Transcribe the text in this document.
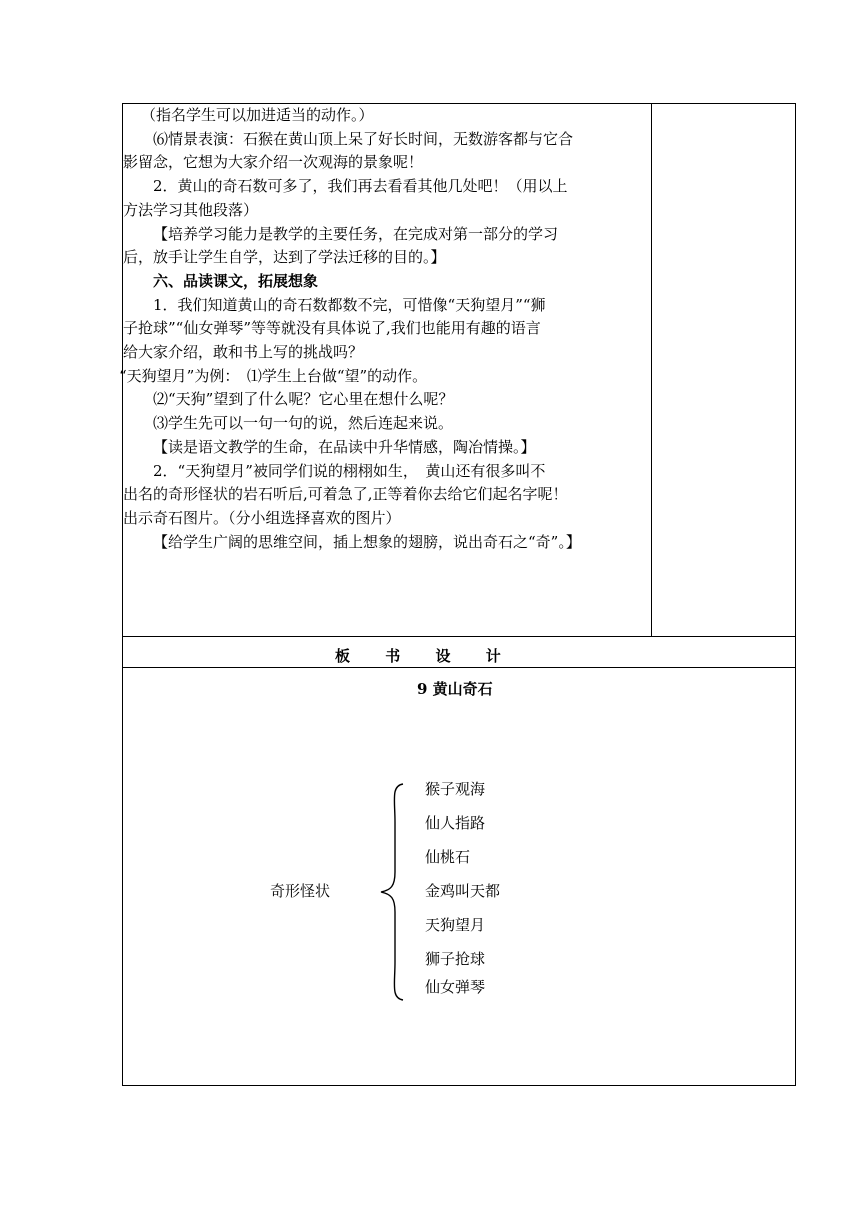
（指名学生可以加进适当的动作。）
⑹情景表演：石猴在黄山顶上呆了好长时间，无数游客都与它合
影留念，它想为大家介绍一次观海的景象呢！
2．黄山的奇石数可多了，我们再去看看其他几处吧！（用以上
方法学习其他段落）
【培养学习能力是教学的主要任务，在完成对第一部分的学习
后，放手让学生自学，达到了学法迁移的目的。】
六、品读课文，拓展想象
1．我们知道黄山的奇石数都数不完，可惜像“天狗望月”“狮
子抢球”“仙女弹琴”等等就没有具体说了,我们也能用有趣的语言
给大家介绍，敢和书上写的挑战吗？
“天狗望月”为例：　⑴学生上台做“望”的动作。
⑵“天狗”望到了什么呢？它心里在想什么呢？
⑶学生先可以一句一句的说，然后连起来说。
【读是语文教学的生命，在品读中升华情感，陶冶情操。】
2．“天狗望月”被同学们说的栩栩如生，　黄山还有很多叫不
出名的奇形怪状的岩石听后,可着急了,正等着你去给它们起名字呢！
出示奇石图片。（分小组选择喜欢的图片）
【给学生广阔的思维空间，插上想象的翅膀，说出奇石之“奇”。】
板 书 设 计
9 黄山奇石
奇形怪状
猴子观海
仙人指路
仙桃石
金鸡叫天都
天狗望月
狮子抢球
仙女弹琴
